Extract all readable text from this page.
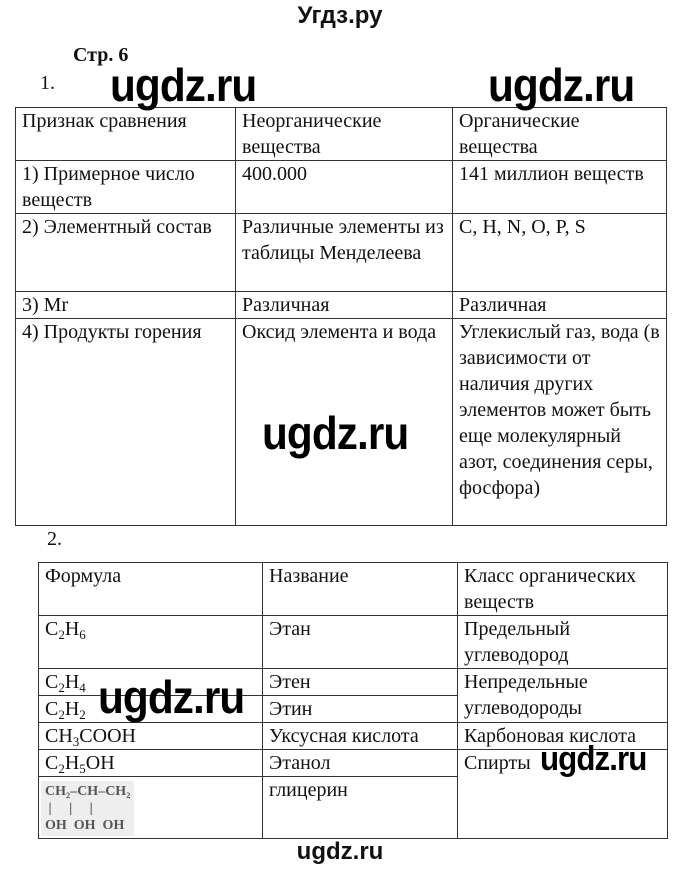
Угдз.ру
Стр. 6
1.
2.
ugdz.ru	ugdz.ru
ugdz.ru
ugdz.ru
ugdz.ru
Признак сравнения	Неорганические вещества	Органические вещества
1) Примерное число веществ	400.000	141 миллион веществ
2) Элементный состав	Различные элементы из таблицы Менделеева	C, H, N, O, P, S
3) Mr	Различная	Различная
4) Продукты горения	Оксид элемента и вода	Углекислый газ, вода (в зависимости от наличия других элементов может быть еще молекулярный азот, соединения серы, фосфора)
Формула	Название	Класс органических веществ
$C_2H_6$	Этан	Предельный углеводород
$C_2H_4$	Этен	Непредельные углеводороды
$C_2H_2$	Этин	
$CH_3COOH$	Уксусная кислота	Карбоновая кислота
$C_2H_5OH$	Этанол	Спирты
CH₂–CH–CH₂
|     |     |
OH  OH  OH	глицерин	
ugdz.ru
